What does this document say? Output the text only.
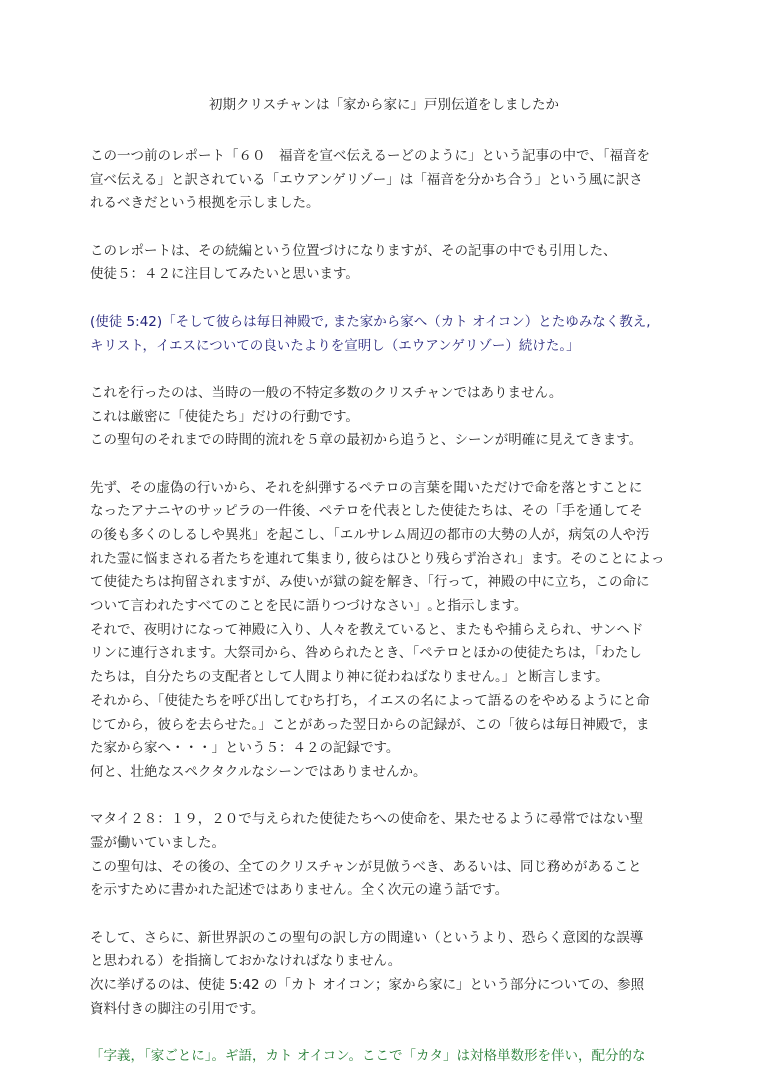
初期クリスチャンは「家から家に」戸別伝道をしましたか
この一つ前のレポート「６０　福音を宣べ伝えるーどのように」という記事の中で、「福音を
宣べ伝える」と訳されている「エウアンゲリゾー」は「福音を分かち合う」という風に訳さ
れるべきだという根拠を示しました。
このレポートは、その続編という位置づけになりますが、その記事の中でも引用した、
使徒５：４２に注目してみたいと思います。
(使徒 5:42)「そして彼らは毎日神殿で, また家から家へ（カト オイコン）とたゆみなく教え,
キリスト，イエスについての良いたよりを宣明し（エウアンゲリゾー）続けた｡」
これを行ったのは、当時の一般の不特定多数のクリスチャンではありません。
これは厳密に「使徒たち」だけの行動です。
この聖句のそれまでの時間的流れを５章の最初から追うと、シーンが明確に見えてきます。
先ず、その虚偽の行いから、それを糾弾するペテロの言葉を聞いただけで命を落とすことに
なったアナニヤのサッピラの一件後、ペテロを代表とした使徒たちは、その「手を通してそ
の後も多くのしるしや異兆」を起こし、「エルサレム周辺の都市の大勢の人が，病気の人や汚
れた霊に悩まされる者たちを連れて集まり, 彼らはひとり残らず治され」ます。そのことによっ
て使徒たちは拘留されますが、み使いが獄の錠を解き、「行って，神殿の中に立ち，この命に
ついて言われたすべてのことを民に語りつづけなさい」｡と指示します。
それで、夜明けになって神殿に入り、人々を教えていると、またもや捕らえられ、サンヘド
リンに連行されます。大祭司から、咎められたとき、「ペテロとほかの使徒たちは，「わたし
たちは，自分たちの支配者として人間より神に従わねばなりません｡」と断言します。
それから、「使徒たちを呼び出してむち打ち，イエスの名によって語るのをやめるようにと命
じてから，彼らを去らせた｡」ことがあった翌日からの記録が、この「彼らは毎日神殿で，ま
た家から家へ・・・」という５：４２の記録です。
何と、壮絶なスペクタクルなシーンではありませんか。
マタイ２８：１９，２０で与えられた使徒たちへの使命を、果たせるように尋常ではない聖
霊が働いていました。
この聖句は、その後の、全てのクリスチャンが見倣うべき、あるいは、同じ務めがあること
を示すために書かれた記述ではありません。全く次元の違う話です。
そして、さらに、新世界訳のこの聖句の訳し方の間違い（というより、恐らく意図的な誤導
と思われる）を指摘しておかなければなりません。
次に挙げるのは、使徒 5:42 の「カト オイコン；家から家に」という部分についての、参照
資料付きの脚注の引用です。
「字義，「家ごとに」。ギ語，カト オイコン。ここで「カタ」は対格単数形を伴い，配分的な
